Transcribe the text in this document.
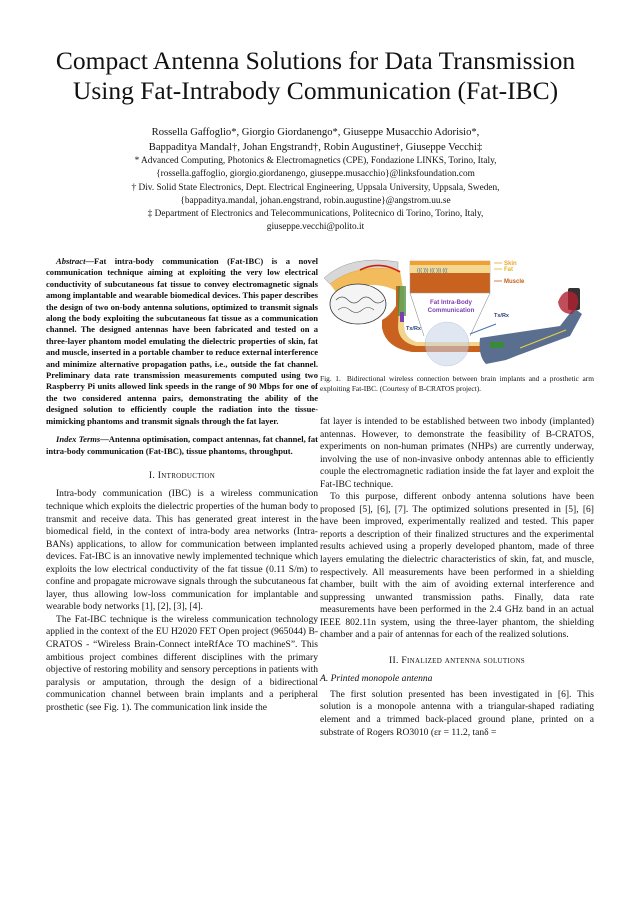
Compact Antenna Solutions for Data Transmission
Using Fat-Intrabody Communication (Fat-IBC)
Rossella Gaffoglio*, Giorgio Giordanengo*, Giuseppe Musacchio Adorisio*,
Bappaditya Mandal†, Johan Engstrand†, Robin Augustine†, Giuseppe Vecchi‡
* Advanced Computing, Photonics & Electromagnetics (CPE), Fondazione LINKS, Torino, Italy,
{rossella.gaffoglio, giorgio.giordanengo, giuseppe.musacchio}@linksfoundation.com
† Div. Solid State Electronics, Dept. Electrical Engineering, Uppsala University, Uppsala, Sweden,
{bappaditya.mandal, johan.engstrand, robin.augustine}@angstrom.uu.se
‡ Department of Electronics and Telecommunications, Politecnico di Torino, Torino, Italy,
giuseppe.vecchi@polito.it

Abstract—Fat intra-body communication (Fat-IBC) is a novel communication technique aiming at exploiting the very low electrical conductivity of subcutaneous fat tissue to convey electromagnetic signals among implantable and wearable biomedical devices. This paper describes the design of two on-body antenna solutions, optimized to transmit signals along the body exploiting the subcutaneous fat tissue as a communication channel. The designed antennas have been fabricated and tested on a three-layer phantom model emulating the dielectric properties of skin, fat and muscle, inserted in a portable chamber to reduce external interference and minimize alternative propagation paths, i.e., outside the fat channel. Preliminary data rate transmission measurements computed using two Raspberry Pi units allowed link speeds in the range of 90 Mbps for one of the two considered antenna pairs, demonstrating the ability of the designed solution to efficiently couple the radiation into the tissue-mimicking phantoms and transmit signals through the fat layer.

Index Terms—Antenna optimisation, compact antennas, fat channel, fat intra-body communication (Fat-IBC), tissue phantoms, throughput.

I. Introduction

Intra-body communication (IBC) is a wireless communication technique which exploits the dielectric properties of the human body to transmit and receive data. This has generated great interest in the biomedical field, in the context of intra-body area networks (Intra-BANs) applications, to allow for communication between implanted devices. Fat-IBC is an innovative newly implemented technique which exploits the low electrical conductivity of the fat tissue (0.11 S/m) to confine and propagate microwave signals through the subcutaneous fat layer, thus allowing low-loss communication for implantable and wearable body networks [1], [2], [3], [4].

The Fat-IBC technique is the wireless communication technology applied in the context of the EU H2020 FET Open project (965044) B-CRATOS - “Wireless Brain-Connect inteRfAce TO machineS”. This ambitious project combines different disciplines with the primary objective of restoring mobility and sensory perceptions in patients with paralysis or amputation, through the design of a bidirectional communication channel between brain implants and a peripheral prosthetic (see Fig. 1). The communication link inside the

((( ))) ((( ))) (((
Fat Intra-Body
Communication
Skin
Fat
Muscle
Tx/Rx
Tx/Rx

Fig. 1. Bidirectional wireless connection between brain implants and a prosthetic arm exploiting Fat-IBC. (Courtesy of B-CRATOS project).

fat layer is intended to be established between two inbody (implanted) antennas. However, to demonstrate the feasibility of B-CRATOS, experiments on non-human primates (NHPs) are currently underway, involving the use of non-invasive onbody antennas able to efficiently couple the electromagnetic radiation inside the fat layer and exploit the Fat-IBC technique.

To this purpose, different onbody antenna solutions have been proposed [5], [6], [7]. The optimized solutions presented in [5], [6] have been improved, experimentally realized and tested. This paper reports a description of their finalized structures and the experimental results achieved using a properly developed phantom, made of three layers emulating the dielectric characteristics of skin, fat, and muscle, respectively. All measurements have been performed in a shielding chamber, built with the aim of avoiding external interference and suppressing unwanted transmission paths. Finally, data rate measurements have been performed in the 2.4 GHz band in an actual IEEE 802.11n system, using the three-layer phantom, the shielding chamber and a pair of antennas for each of the realized solutions.

II. Finalized antenna solutions

A. Printed monopole antenna

The first solution presented has been investigated in [6]. This solution is a monopole antenna with a triangular-shaped radiating element and a trimmed back-placed ground plane, printed on a substrate of Rogers RO3010 (εr = 11.2, tanδ =
